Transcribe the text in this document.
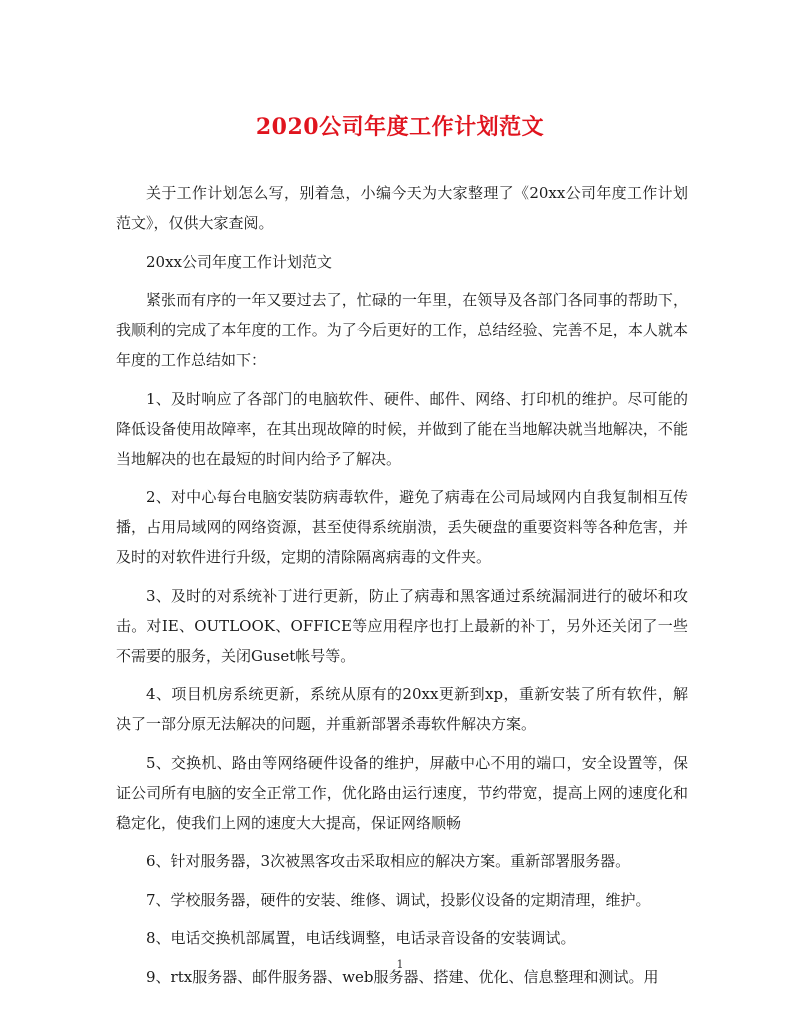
2020公司年度工作计划范文

关于工作计划怎么写，别着急，小编今天为大家整理了《20xx公司年度工作计划范文》，仅供大家查阅。

20xx公司年度工作计划范文

紧张而有序的一年又要过去了，忙碌的一年里，在领导及各部门各同事的帮助下，我顺利的完成了本年度的工作。为了今后更好的工作，总结经验、完善不足，本人就本年度的工作总结如下：

1、及时响应了各部门的电脑软件、硬件、邮件、网络、打印机的维护。尽可能的降低设备使用故障率，在其出现故障的时候，并做到了能在当地解决就当地解决，不能当地解决的也在最短的时间内给予了解决。

2、对中心每台电脑安装防病毒软件，避免了病毒在公司局域网内自我复制相互传播，占用局域网的网络资源，甚至使得系统崩溃，丢失硬盘的重要资料等各种危害，并及时的对软件进行升级，定期的清除隔离病毒的文件夹。

3、及时的对系统补丁进行更新，防止了病毒和黑客通过系统漏洞进行的破坏和攻击。对IE、OUTLOOK、OFFICE等应用程序也打上最新的补丁，另外还关闭了一些不需要的服务，关闭Guset帐号等。

4、项目机房系统更新，系统从原有的20xx更新到xp，重新安装了所有软件，解决了一部分原无法解决的问题，并重新部署杀毒软件解决方案。

5、交换机、路由等网络硬件设备的维护，屏蔽中心不用的端口，安全设置等，保证公司所有电脑的安全正常工作，优化路由运行速度，节约带宽，提高上网的速度化和稳定化，使我们上网的速度大大提高，保证网络顺畅

6、针对服务器，3次被黑客攻击采取相应的解决方案。重新部署服务器。

7、学校服务器，硬件的安装、维修、调试，投影仪设备的定期清理，维护。

8、电话交换机部属置，电话线调整，电话录音设备的安装调试。

9、rtx服务器、邮件服务器、web服务器、搭建、优化、信息整理和测试。用

1
